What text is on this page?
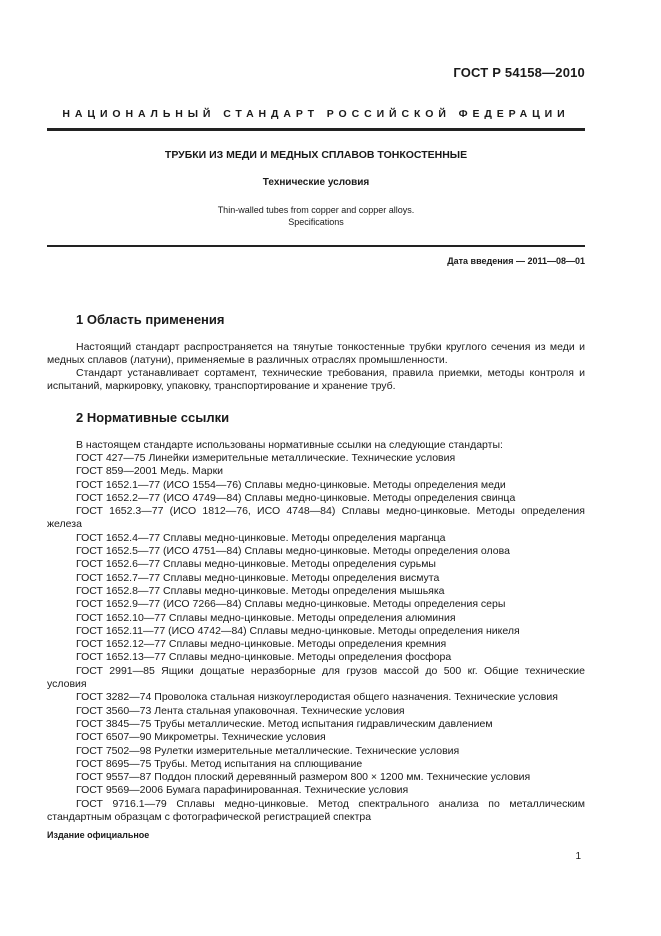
ГОСТ Р 54158—2010
НАЦИОНАЛЬНЫЙ СТАНДАРТ РОССИЙСКОЙ ФЕДЕРАЦИИ
ТРУБКИ ИЗ МЕДИ И МЕДНЫХ СПЛАВОВ ТОНКОСТЕННЫЕ
Технические условия
Thin-walled tubes from copper and copper alloys.
Specifications
Дата введения — 2011—08—01
1 Область применения

Настоящий стандарт распространяется на тянутые тонкостенные трубки круглого сечения из меди и медных сплавов (латуни), применяемые в различных отраслях промышленности.

Стандарт устанавливает сортамент, технические требования, правила приемки, методы контроля и испытаний, маркировку, упаковку, транспортирование и хранение труб.

2 Нормативные ссылки

В настоящем стандарте использованы нормативные ссылки на следующие стандарты:

ГОСТ 427—75 Линейки измерительные металлические. Технические условия
ГОСТ 859—2001 Медь. Марки
ГОСТ 1652.1—77 (ИСО 1554—76) Сплавы медно-цинковые. Методы определения меди
ГОСТ 1652.2—77 (ИСО 4749—84) Сплавы медно-цинковые. Методы определения свинца
ГОСТ 1652.3—77 (ИСО 1812—76, ИСО 4748—84) Сплавы медно-цинковые. Методы определения железа
ГОСТ 1652.4—77 Сплавы медно-цинковые. Методы определения марганца
ГОСТ 1652.5—77 (ИСО 4751—84) Сплавы медно-цинковые. Методы определения олова
ГОСТ 1652.6—77 Сплавы медно-цинковые. Методы определения сурьмы
ГОСТ 1652.7—77 Сплавы медно-цинковые. Методы определения висмута
ГОСТ 1652.8—77 Сплавы медно-цинковые. Методы определения мышьяка
ГОСТ 1652.9—77 (ИСО 7266—84) Сплавы медно-цинковые. Методы определения серы
ГОСТ 1652.10—77 Сплавы медно-цинковые. Методы определения алюминия
ГОСТ 1652.11—77 (ИСО 4742—84) Сплавы медно-цинковые. Методы определения никеля
ГОСТ 1652.12—77 Сплавы медно-цинковые. Методы определения кремния
ГОСТ 1652.13—77 Сплавы медно-цинковые. Методы определения фосфора
ГОСТ 2991—85 Ящики дощатые неразборные для грузов массой до 500 кг. Общие технические условия
ГОСТ 3282—74 Проволока стальная низкоуглеродистая общего назначения. Технические условия
ГОСТ 3560—73 Лента стальная упаковочная. Технические условия
ГОСТ 3845—75 Трубы металлические. Метод испытания гидравлическим давлением
ГОСТ 6507—90 Микрометры. Технические условия
ГОСТ 7502—98 Рулетки измерительные металлические. Технические условия
ГОСТ 8695—75 Трубы. Метод испытания на сплющивание
ГОСТ 9557—87 Поддон плоский деревянный размером 800 × 1200 мм. Технические условия
ГОСТ 9569—2006 Бумага парафинированная. Технические условия
ГОСТ 9716.1—79 Сплавы медно-цинковые. Метод спектрального анализа по металлическим стандартным образцам с фотографической регистрацией спектра
Издание официальное
1
